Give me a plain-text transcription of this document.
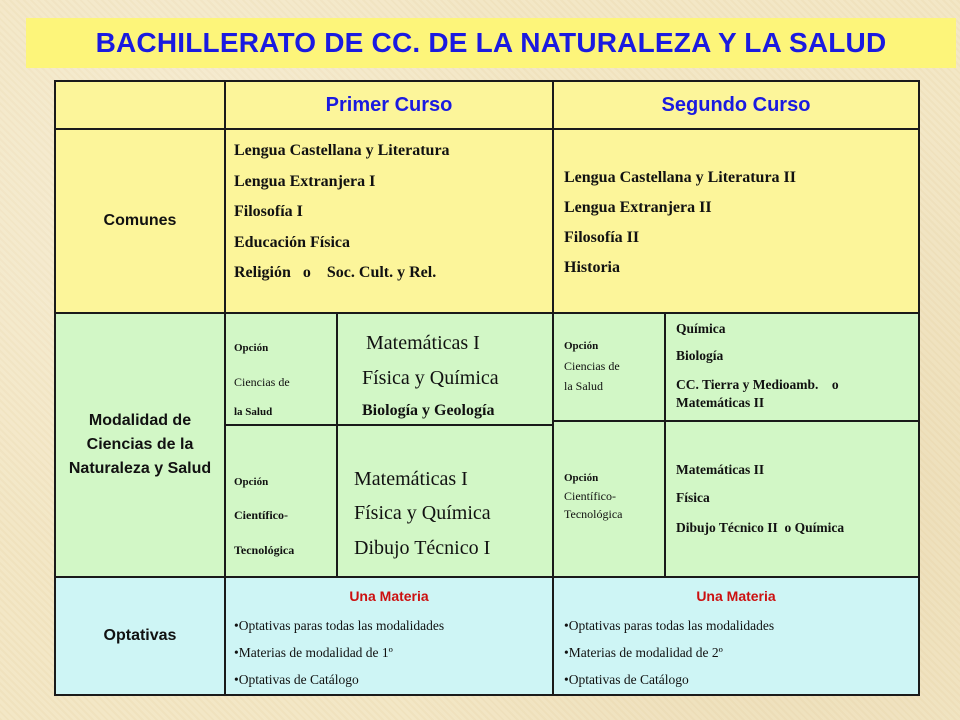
BACHILLERATO DE CC. DE LA NATURALEZA Y LA SALUD
Primer Curso	Segundo Curso
Comunes
Lengua Castellana y Literatura
Lengua Extranjera I
Filosofía I
Educación Física
Religión   o    Soc. Cult. y Rel.
Lengua Castellana y Literatura II
Lengua Extranjera II
Filosofía II
Historia
Modalidad de Ciencias de la Naturaleza y Salud
Opción
Ciencias de
la Salud
Matemáticas I
Física y Química
Biología y Geología
Opción
Científico-
Tecnológica
Matemáticas I
Física y Química
Dibujo Técnico I
Opción
Ciencias de
la Salud
Química
Biología
CC. Tierra y Medioamb.    o
Matemáticas II
Opción
Científico-
Tecnológica
Matemáticas II
Física
Dibujo Técnico II  o Química
Optativas
Una Materia
•Optativas paras todas las modalidades
•Materias de modalidad de 1º
•Optativas de Catálogo
Una Materia
•Optativas paras todas las modalidades
•Materias de modalidad de 2º
•Optativas de Catálogo
